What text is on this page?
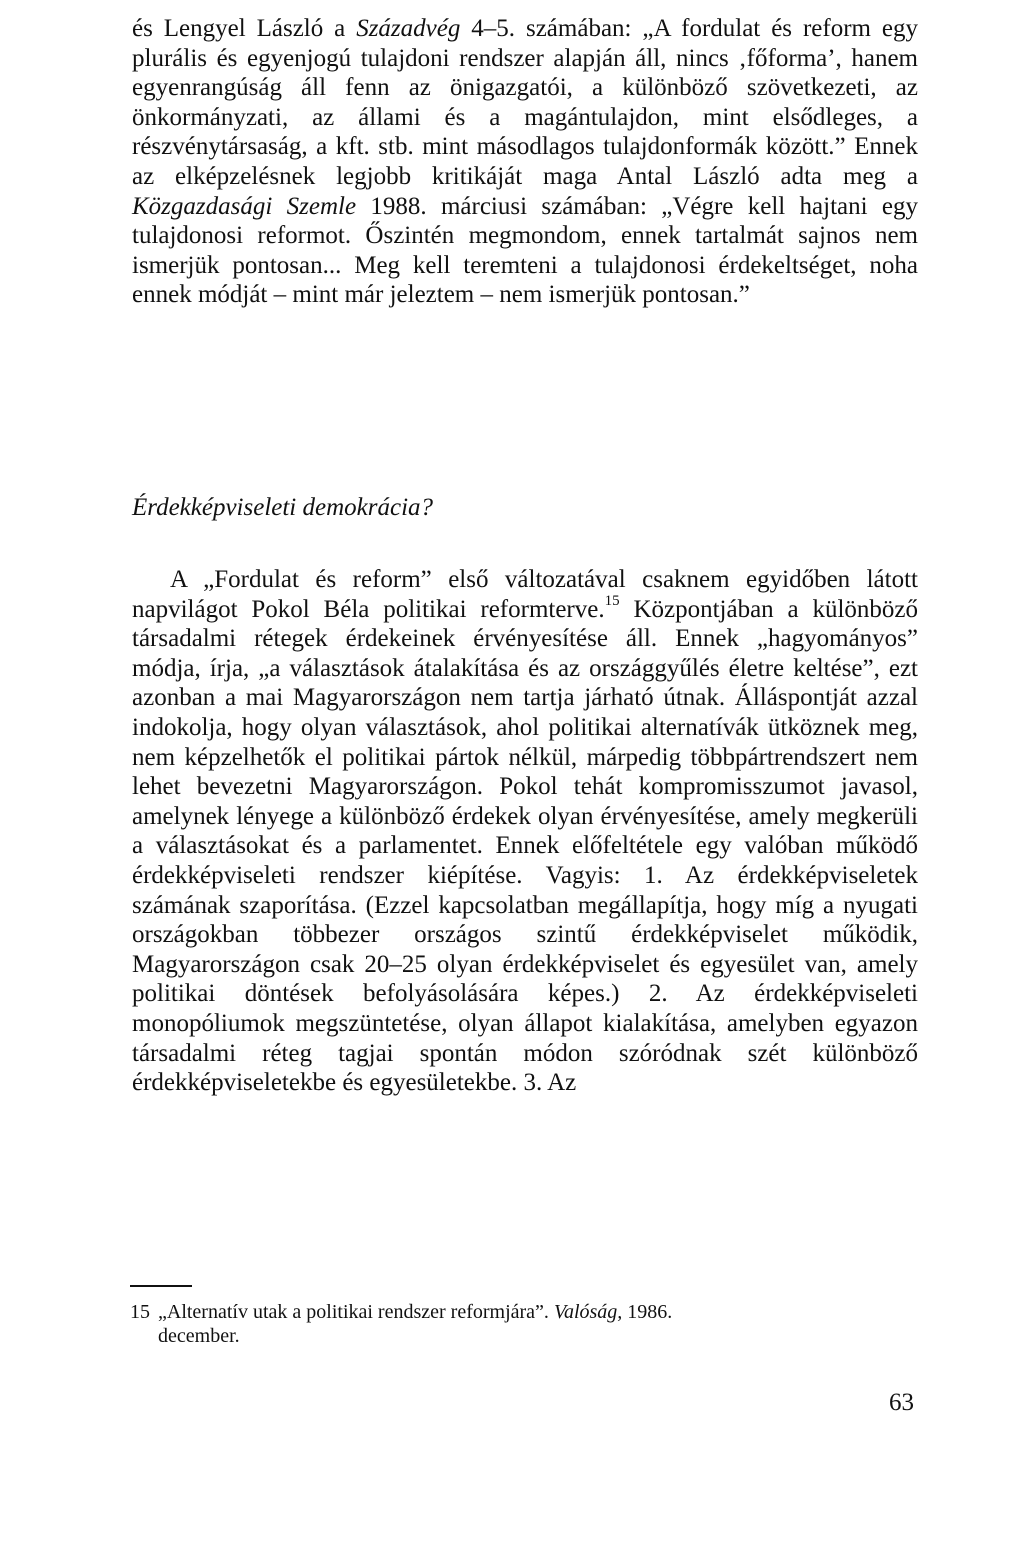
és Lengyel László a Századvég 4–5. számában: „A fordulat és reform egy plurális és egyenjogú tulajdoni rendszer alapján áll, nincs ‚főforma’, hanem egyenrangúság áll fenn az önigazgatói, a különböző szövetkezeti, az önkormányzati, az állami és a magántulajdon, mint elsődleges, a részvénytársaság, a kft. stb. mint másodlagos tulajdonformák között.” Ennek az elképzelésnek legjobb kritikáját maga Antal László adta meg a Közgazdasági Szemle 1988. márciusi számában: „Végre kell hajtani egy tulajdonosi reformot. Őszintén megmondom, ennek tartalmát sajnos nem ismerjük pontosan... Meg kell teremteni a tulajdonosi érdekeltséget, noha ennek módját – mint már jeleztem – nem ismerjük pontosan.”

Érdekképviseleti demokrácia?

A „Fordulat és reform” első változatával csaknem egyidőben látott napvilágot Pokol Béla politikai reformterve.$^{15}$ Központjában a különböző társadalmi rétegek érdekeinek érvényesítése áll. Ennek „hagyományos” módja, írja, „a választások átalakítása és az országgyűlés életre keltése”, ezt azonban a mai Magyarországon nem tartja járható útnak. Álláspontját azzal indokolja, hogy olyan választások, ahol politikai alternatívák ütköznek meg, nem képzelhetők el politikai pártok nélkül, márpedig többpártrendszert nem lehet bevezetni Magyarországon. Pokol tehát kompromisszumot javasol, amelynek lényege a különböző érdekek olyan érvényesítése, amely megkerüli a választásokat és a parlamentet. Ennek előfeltétele egy valóban működő érdekképviseleti rendszer kiépítése. Vagyis: 1. Az érdekképviseletek számának szaporítása. (Ezzel kapcsolatban megállapítja, hogy míg a nyugati országokban többezer országos szintű érdekképviselet működik, Magyarországon csak 20–25 olyan érdekképviselet és egyesület van, amely politikai döntések befolyásolására képes.) 2. Az érdekképviseleti monopóliumok megszüntetése, olyan állapot kialakítása, amelyben egyazon társadalmi réteg tagjai spontán módon szóródnak szét különböző érdekképviseletekbe és egyesületekbe. 3. Az

15 „Alternatív utak a politikai rendszer reformjára”. Valóság, 1986.
december.
63
